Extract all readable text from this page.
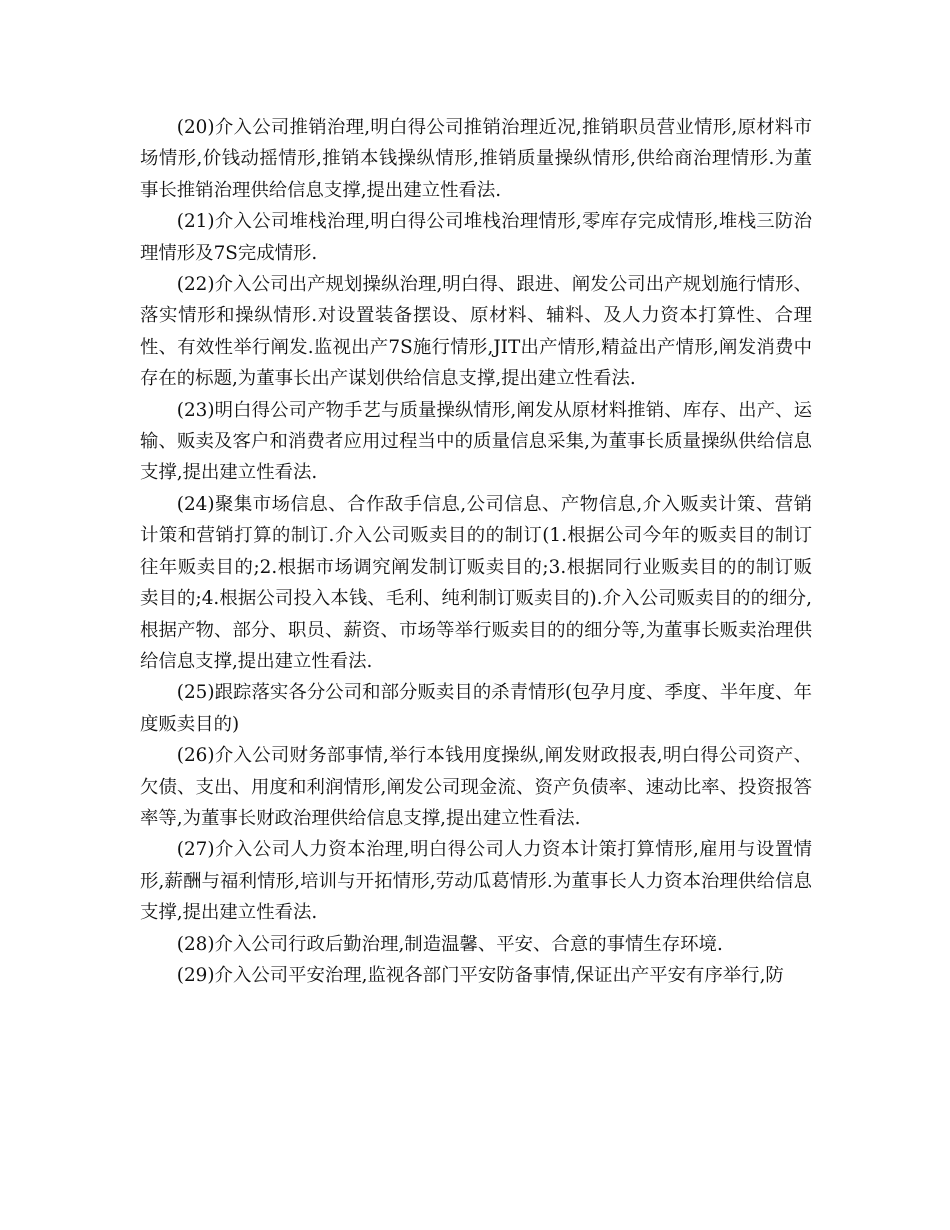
(20)介入公司推销治理,明白得公司推销治理近况,推销职员营业情形,原材料市场情形,价钱动摇情形,推销本钱操纵情形,推销质量操纵情形,供给商治理情形.为董事长推销治理供给信息支撑,提出建立性看法.

(21)介入公司堆栈治理,明白得公司堆栈治理情形,零库存完成情形,堆栈三防治理情形及7S完成情形.

(22)介入公司出产规划操纵治理,明白得、跟进、阐发公司出产规划施行情形、落实情形和操纵情形.对设置装备摆设、原材料、辅料、及人力资本打算性、合理性、有效性举行阐发.监视出产7S施行情形,JIT出产情形,精益出产情形,阐发消费中存在的标题,为董事长出产谋划供给信息支撑,提出建立性看法.

(23)明白得公司产物手艺与质量操纵情形,阐发从原材料推销、库存、出产、运输、贩卖及客户和消费者应用过程当中的质量信息采集,为董事长质量操纵供给信息支撑,提出建立性看法.

(24)聚集市场信息、合作敌手信息,公司信息、产物信息,介入贩卖计策、营销计策和营销打算的制订.介入公司贩卖目的的制订(1.根据公司今年的贩卖目的制订往年贩卖目的;2.根据市场调究阐发制订贩卖目的;3.根据同行业贩卖目的的制订贩卖目的;4.根据公司投入本钱、毛利、纯利制订贩卖目的).介入公司贩卖目的的细分,根据产物、部分、职员、薪资、市场等举行贩卖目的的细分等,为董事长贩卖治理供给信息支撑,提出建立性看法.

(25)跟踪落实各分公司和部分贩卖目的杀青情形(包孕月度、季度、半年度、年度贩卖目的)

(26)介入公司财务部事情,举行本钱用度操纵,阐发财政报表,明白得公司资产、欠债、支出、用度和利润情形,阐发公司现金流、资产负债率、速动比率、投资报答率等,为董事长财政治理供给信息支撑,提出建立性看法.

(27)介入公司人力资本治理,明白得公司人力资本计策打算情形,雇用与设置情形,薪酬与福利情形,培训与开拓情形,劳动瓜葛情形.为董事长人力资本治理供给信息支撑,提出建立性看法.

(28)介入公司行政后勤治理,制造温馨、平安、合意的事情生存环境.

(29)介入公司平安治理,监视各部门平安防备事情,保证出产平安有序举行,防
